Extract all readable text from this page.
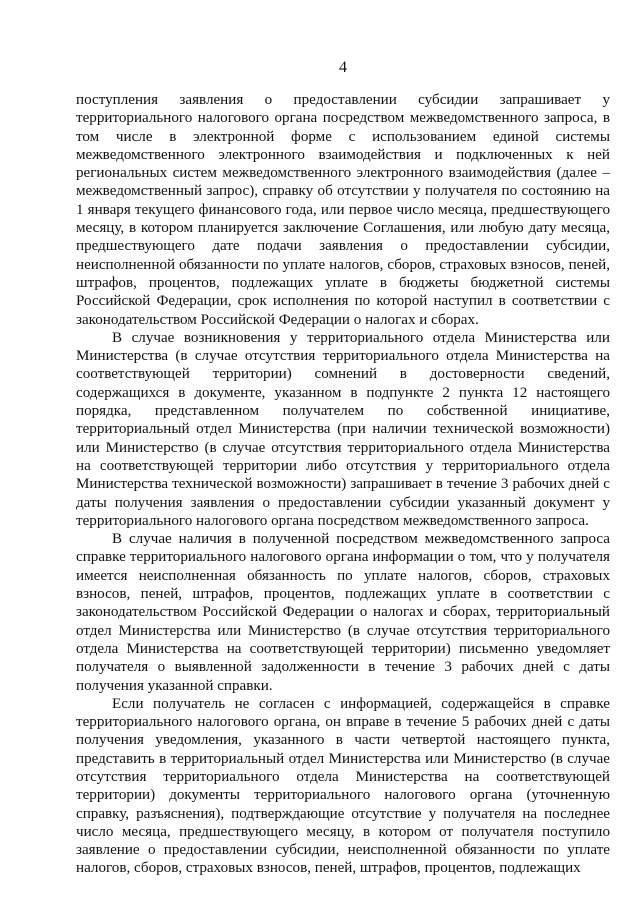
4

поступления заявления о предоставлении субсидии запрашивает у территориального налогового органа посредством межведомственного запроса, в том числе в электронной форме с использованием единой системы межведомственного электронного взаимодействия и подключенных к ней региональных систем межведомственного электронного взаимодействия (далее – межведомственный запрос), справку об отсутствии у получателя по состоянию на 1 января текущего финансового года, или первое число месяца, предшествующего месяцу, в котором планируется заключение Соглашения, или любую дату месяца, предшествующего дате подачи заявления о предоставлении субсидии, неисполненной обязанности по уплате налогов, сборов, страховых взносов, пеней, штрафов, процентов, подлежащих уплате в бюджеты бюджетной системы Российской Федерации, срок исполнения по которой наступил в соответствии с законодательством Российской Федерации о налогах и сборах.

В случае возникновения у территориального отдела Министерства или Министерства (в случае отсутствия территориального отдела Министерства на соответствующей территории) сомнений в достоверности сведений, содержащихся в документе, указанном в подпункте 2 пункта 12 настоящего порядка, представленном получателем по собственной инициативе, территориальный отдел Министерства (при наличии технической возможности) или Министерство (в случае отсутствия территориального отдела Министерства на соответствующей территории либо отсутствия у территориального отдела Министерства технической возможности) запрашивает в течение 3 рабочих дней с даты получения заявления о предоставлении субсидии указанный документ у территориального налогового органа посредством межведомственного запроса.

В случае наличия в полученной посредством межведомственного запроса справке территориального налогового органа информации о том, что у получателя имеется неисполненная обязанность по уплате налогов, сборов, страховых взносов, пеней, штрафов, процентов, подлежащих уплате в соответствии с законодательством Российской Федерации о налогах и сборах, территориальный отдел Министерства или Министерство (в случае отсутствия территориального отдела Министерства на соответствующей территории) письменно уведомляет получателя о выявленной задолженности в течение 3 рабочих дней с даты получения указанной справки.

Если получатель не согласен с информацией, содержащейся в справке территориального налогового органа, он вправе в течение 5 рабочих дней с даты получения уведомления, указанного в части четвертой настоящего пункта, представить в территориальный отдел Министерства или Министерство (в случае отсутствия территориального отдела Министерства на соответствующей территории) документы территориального налогового органа (уточненную справку, разъяснения), подтверждающие отсутствие у получателя на последнее число месяца, предшествующего месяцу, в котором от получателя поступило заявление о предоставлении субсидии, неисполненной обязанности по уплате налогов, сборов, страховых взносов, пеней, штрафов, процентов, подлежащих
